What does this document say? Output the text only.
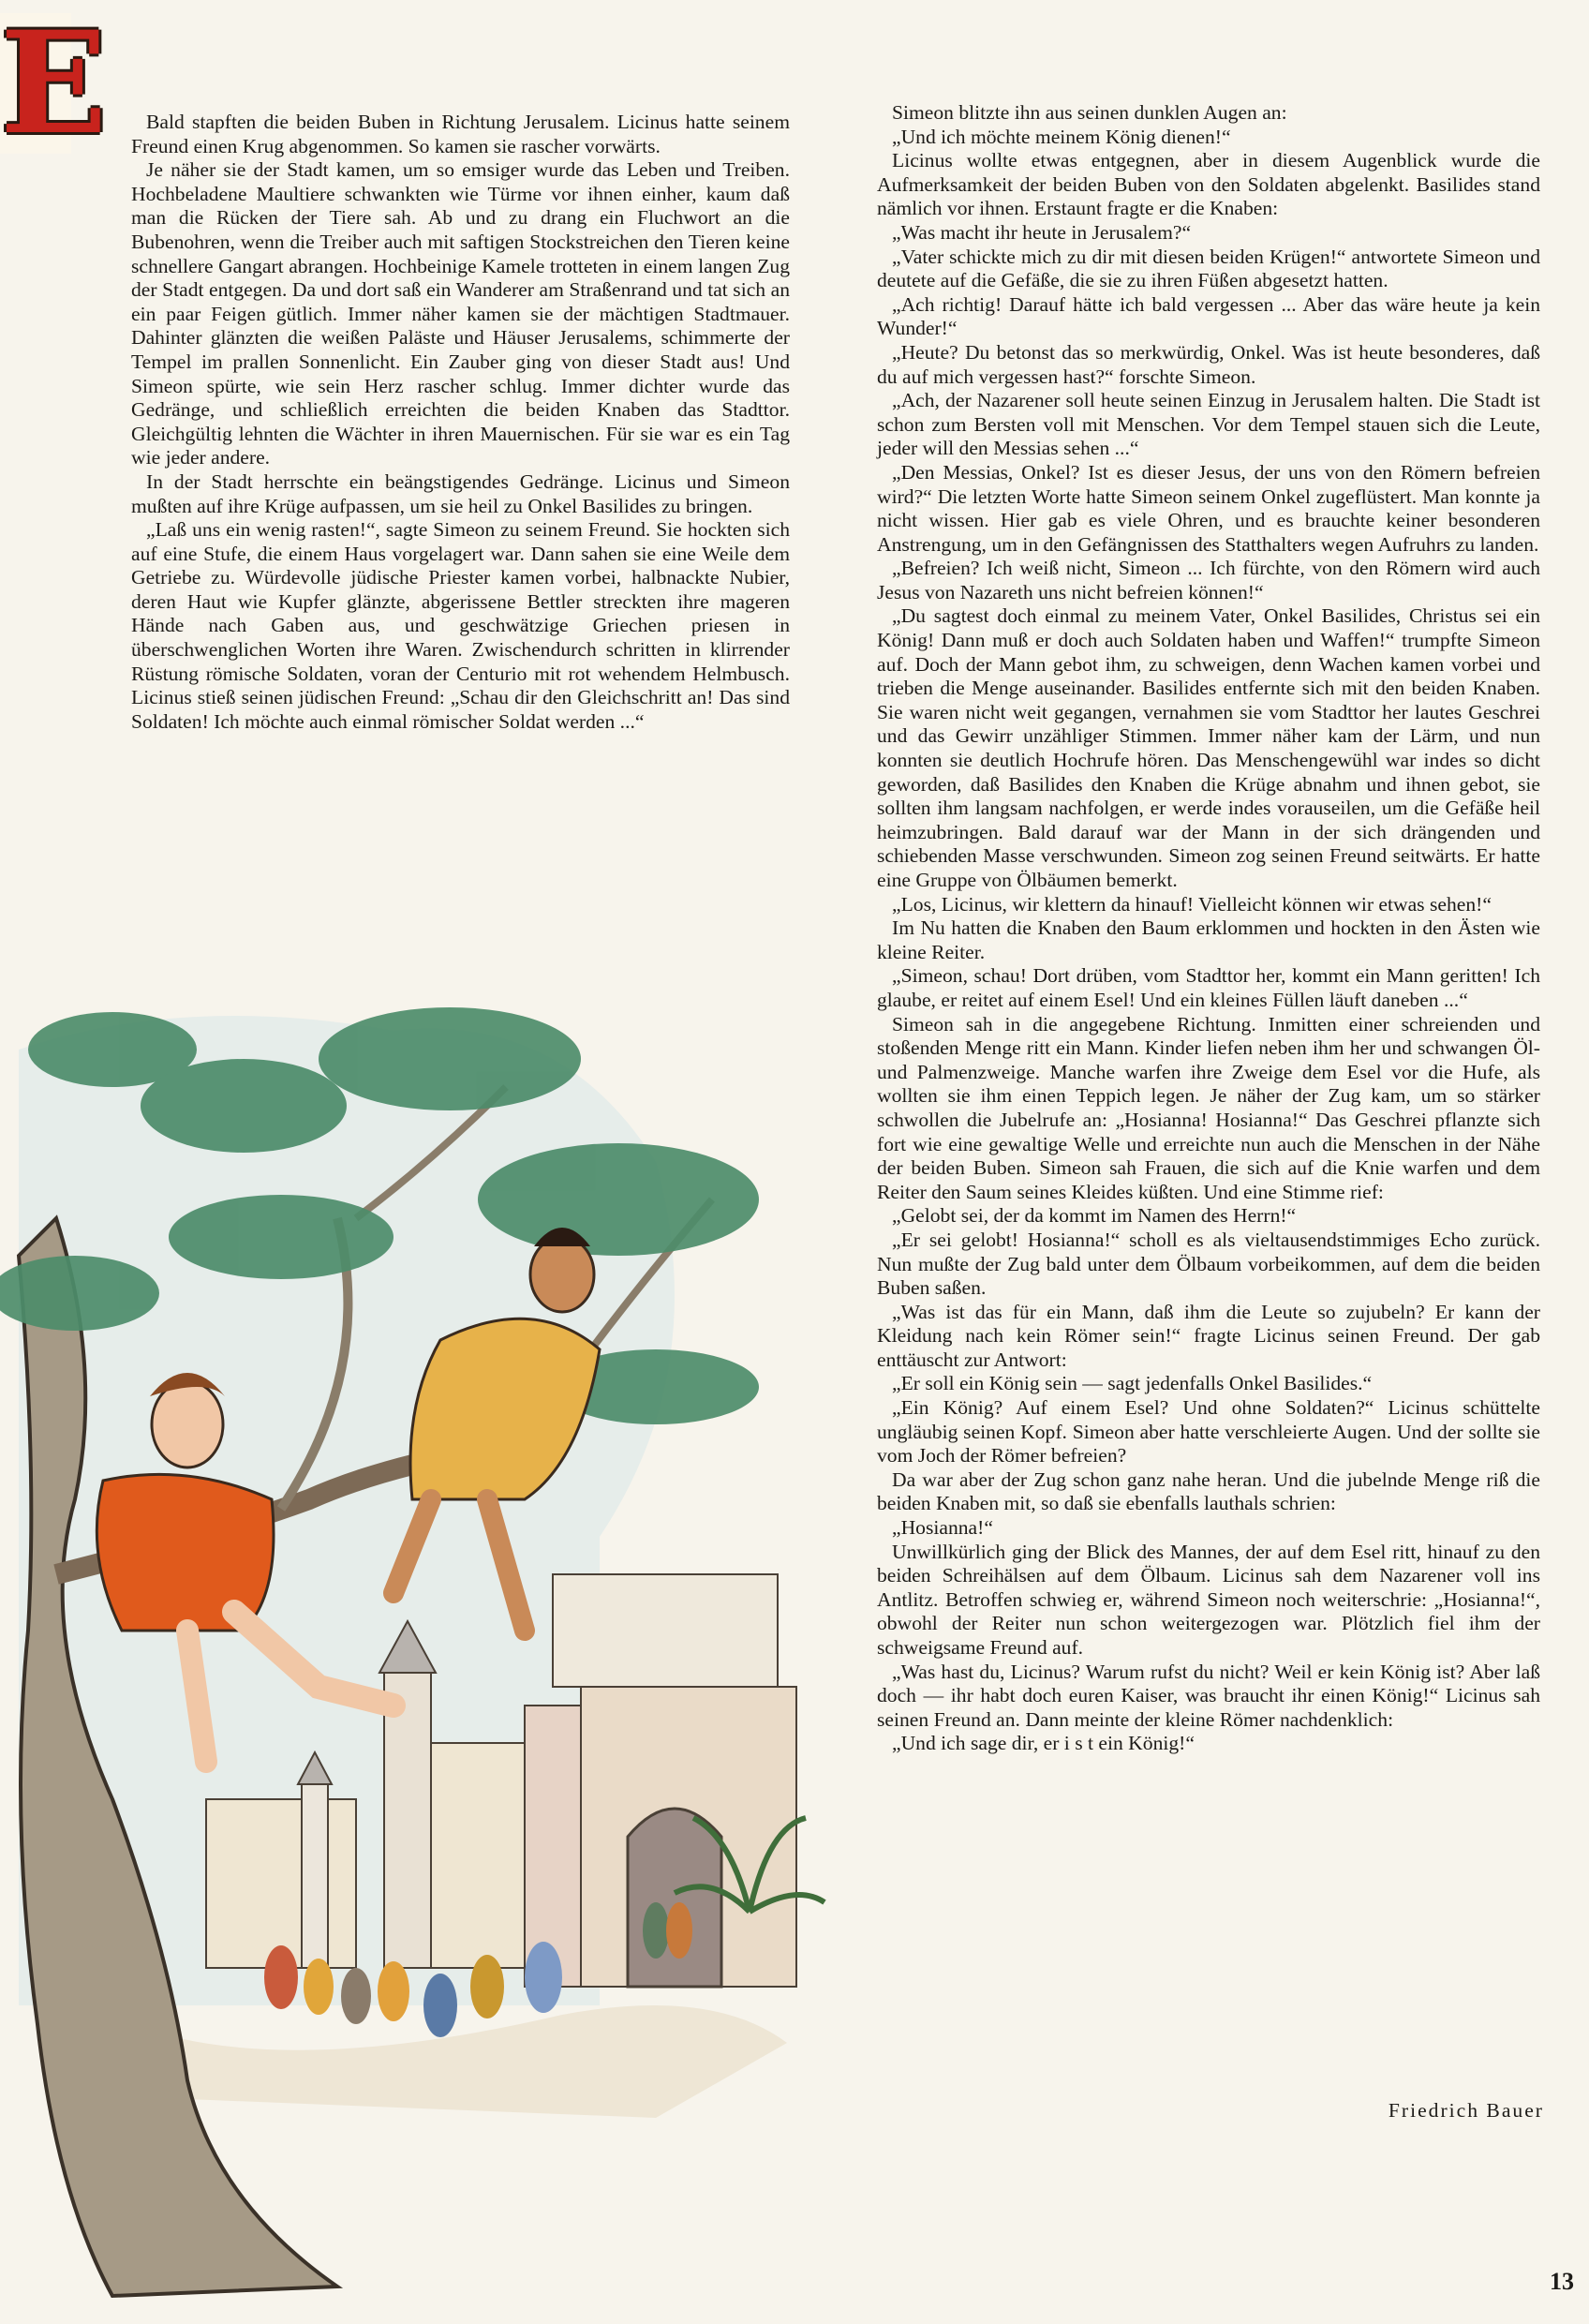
E	Bald stapften die beiden Buben in Richtung Jerusalem. Licinus hatte seinem Freund einen Krug abgenommen. So kamen sie rascher vorwärts.

Je näher sie der Stadt kamen, um so emsiger wurde das Leben und Treiben. Hochbeladene Maultiere schwankten wie Türme vor ihnen einher, kaum daß man die Rücken der Tiere sah. Ab und zu drang ein Fluchwort an die Bubenohren, wenn die Treiber auch mit saftigen Stockstreichen den Tieren keine schnellere Gangart abrangen. Hochbeinige Kamele trotteten in einem langen Zug der Stadt entgegen. Da und dort saß ein Wanderer am Straßenrand und tat sich an ein paar Feigen gütlich. Immer näher kamen sie der mächtigen Stadtmauer. Dahinter glänzten die weißen Paläste und Häuser Jerusalems, schimmerte der Tempel im prallen Sonnenlicht. Ein Zauber ging von dieser Stadt aus! Und Simeon spürte, wie sein Herz rascher schlug. Immer dichter wurde das Gedränge, und schließlich erreichten die beiden Knaben das Stadttor. Gleichgültig lehnten die Wächter in ihren Mauernischen. Für sie war es ein Tag wie jeder andere.

In der Stadt herrschte ein beängstigendes Gedränge. Licinus und Simeon mußten auf ihre Krüge aufpassen, um sie heil zu Onkel Basilides zu bringen.

„Laß uns ein wenig rasten!“, sagte Simeon zu seinem Freund. Sie hockten sich auf eine Stufe, die einem Haus vorgelagert war. Dann sahen sie eine Weile dem Getriebe zu. Würdevolle jüdische Priester kamen vorbei, halbnackte Nubier, deren Haut wie Kupfer glänzte, abgerissene Bettler streckten ihre mageren Hände nach Gaben aus, und geschwätzige Griechen priesen in überschwenglichen Worten ihre Waren. Zwischendurch schritten in klirrender Rüstung römische Soldaten, voran der Centurio mit rot wehendem Helmbusch. Licinus stieß seinen jüdischen Freund: „Schau dir den Gleichschritt an! Das sind Soldaten! Ich möchte auch einmal römischer Soldat werden ...“

Simeon blitzte ihn aus seinen dunklen Augen an:

„Und ich möchte meinem König dienen!“

Licinus wollte etwas entgegnen, aber in diesem Augenblick wurde die Aufmerksamkeit der beiden Buben von den Soldaten abgelenkt. Basilides stand nämlich vor ihnen. Erstaunt fragte er die Knaben:

„Was macht ihr heute in Jerusalem?“

„Vater schickte mich zu dir mit diesen beiden Krügen!“ antwortete Simeon und deutete auf die Gefäße, die sie zu ihren Füßen abgesetzt hatten.

„Ach richtig! Darauf hätte ich bald vergessen ... Aber das wäre heute ja kein Wunder!“

„Heute? Du betonst das so merkwürdig, Onkel. Was ist heute besonderes, daß du auf mich vergessen hast?“ forschte Simeon.

„Ach, der Nazarener soll heute seinen Einzug in Jerusalem halten. Die Stadt ist schon zum Bersten voll mit Menschen. Vor dem Tempel stauen sich die Leute, jeder will den Messias sehen ...“

„Den Messias, Onkel? Ist es dieser Jesus, der uns von den Römern befreien wird?“ Die letzten Worte hatte Simeon seinem Onkel zugeflüstert. Man konnte ja nicht wissen. Hier gab es viele Ohren, und es brauchte keiner besonderen Anstrengung, um in den Gefängnissen des Statthalters wegen Aufruhrs zu landen.

„Befreien? Ich weiß nicht, Simeon ... Ich fürchte, von den Römern wird auch Jesus von Nazareth uns nicht befreien können!“

„Du sagtest doch einmal zu meinem Vater, Onkel Basilides, Christus sei ein König! Dann muß er doch auch Soldaten haben und Waffen!“ trumpfte Simeon auf. Doch der Mann gebot ihm, zu schweigen, denn Wachen kamen vorbei und trieben die Menge auseinander. Basilides entfernte sich mit den beiden Knaben. Sie waren nicht weit gegangen, vernahmen sie vom Stadttor her lautes Geschrei und das Gewirr unzähliger Stimmen. Immer näher kam der Lärm, und nun konnten sie deutlich Hochrufe hören. Das Menschengewühl war indes so dicht geworden, daß Basilides den Knaben die Krüge abnahm und ihnen gebot, sie sollten ihm langsam nachfolgen, er werde indes vorauseilen, um die Gefäße heil heimzubringen. Bald darauf war der Mann in der sich drängenden und schiebenden Masse verschwunden. Simeon zog seinen Freund seitwärts. Er hatte eine Gruppe von Ölbäumen bemerkt.

„Los, Licinus, wir klettern da hinauf! Vielleicht können wir etwas sehen!“

Im Nu hatten die Knaben den Baum erklommen und hockten in den Ästen wie kleine Reiter.

„Simeon, schau! Dort drüben, vom Stadttor her, kommt ein Mann geritten! Ich glaube, er reitet auf einem Esel! Und ein kleines Füllen läuft daneben ...“

Simeon sah in die angegebene Richtung. Inmitten einer schreienden und stoßenden Menge ritt ein Mann. Kinder liefen neben ihm her und schwangen Öl- und Palmenzweige. Manche warfen ihre Zweige dem Esel vor die Hufe, als wollten sie ihm einen Teppich legen. Je näher der Zug kam, um so stärker schwollen die Jubelrufe an: „Hosianna! Hosianna!“ Das Geschrei pflanzte sich fort wie eine gewaltige Welle und erreichte nun auch die Menschen in der Nähe der beiden Buben. Simeon sah Frauen, die sich auf die Knie warfen und dem Reiter den Saum seines Kleides küßten. Und eine Stimme rief:

„Gelobt sei, der da kommt im Namen des Herrn!“

„Er sei gelobt! Hosianna!“ scholl es als vieltausendstimmiges Echo zurück. Nun mußte der Zug bald unter dem Ölbaum vorbeikommen, auf dem die beiden Buben saßen.

„Was ist das für ein Mann, daß ihm die Leute so zujubeln? Er kann der Kleidung nach kein Römer sein!“ fragte Licinus seinen Freund. Der gab enttäuscht zur Antwort:

„Er soll ein König sein — sagt jedenfalls Onkel Basilides.“

„Ein König? Auf einem Esel? Und ohne Soldaten?“ Licinus schüttelte ungläubig seinen Kopf. Simeon aber hatte verschleierte Augen. Und der sollte sie vom Joch der Römer befreien?

Da war aber der Zug schon ganz nahe heran. Und die jubelnde Menge riß die beiden Knaben mit, so daß sie ebenfalls lauthals schrien:

„Hosianna!“

Unwillkürlich ging der Blick des Mannes, der auf dem Esel ritt, hinauf zu den beiden Schreihälsen auf dem Ölbaum. Licinus sah dem Nazarener voll ins Antlitz. Betroffen schwieg er, während Simeon noch weiterschrie: „Hosianna!“, obwohl der Reiter nun schon weitergezogen war. Plötzlich fiel ihm der schweigsame Freund auf.

„Was hast du, Licinus? Warum rufst du nicht? Weil er kein König ist? Aber laß doch — ihr habt doch euren Kaiser, was braucht ihr einen König!“ Licinus sah seinen Freund an. Dann meinte der kleine Römer nachdenklich:

„Und ich sage dir, er i s t ein König!“

Friedrich Bauer
13
